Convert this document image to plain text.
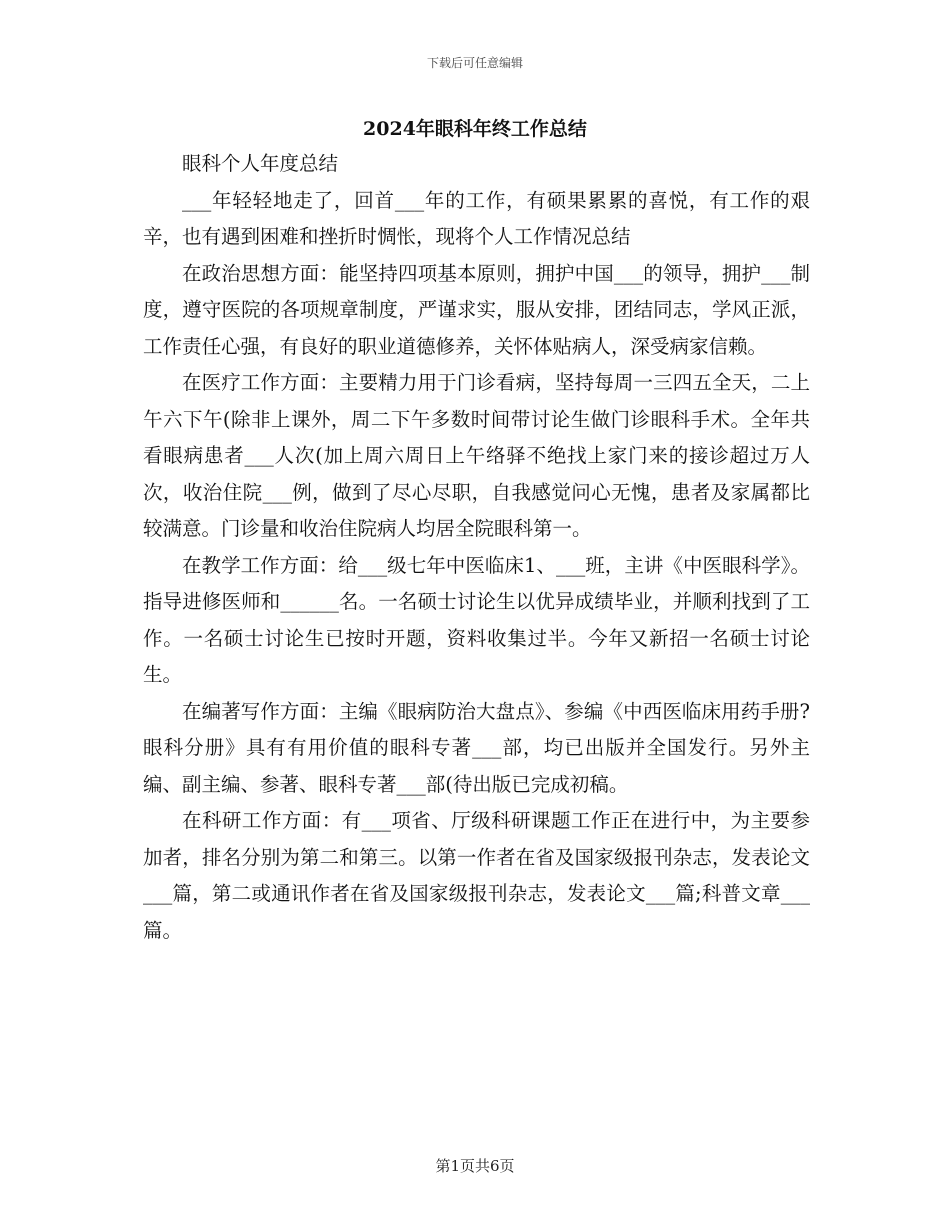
下载后可任意编辑
2024年眼科年终工作总结

眼科个人年度总结

___年轻轻地走了，回首___年的工作，有硕果累累的喜悦，有工作的艰辛，也有遇到困难和挫折时惆怅，现将个人工作情况总结

在政治思想方面：能坚持四项基本原则，拥护中国___的领导，拥护___制度，遵守医院的各项规章制度，严谨求实，服从安排，团结同志，学风正派，工作责任心强，有良好的职业道德修养，关怀体贴病人，深受病家信赖。

在医疗工作方面：主要精力用于门诊看病，坚持每周一三四五全天，二上午六下午(除非上课外，周二下午多数时间带讨论生做门诊眼科手术。全年共看眼病患者___人次(加上周六周日上午络驿不绝找上家门来的接诊超过万人次，收治住院___例，做到了尽心尽职，自我感觉问心无愧，患者及家属都比较满意。门诊量和收治住院病人均居全院眼科第一。

在教学工作方面：给___级七年中医临床1、___班，主讲《中医眼科学》。指导进修医师和______名。一名硕士讨论生以优异成绩毕业，并顺利找到了工作。一名硕士讨论生已按时开题，资料收集过半。今年又新招一名硕士讨论生。

在编著写作方面：主编《眼病防治大盘点》、参编《中西医临床用药手册?眼科分册》具有有用价值的眼科专著___部，均已出版并全国发行。另外主编、副主编、参著、眼科专著___部(待出版已完成初稿。

在科研工作方面：有___项省、厅级科研课题工作正在进行中，为主要参加者，排名分别为第二和第三。以第一作者在省及国家级报刊杂志，发表论文___篇，第二或通讯作者在省及国家级报刊杂志，发表论文___篇;科普文章___篇。

第1页共6页
